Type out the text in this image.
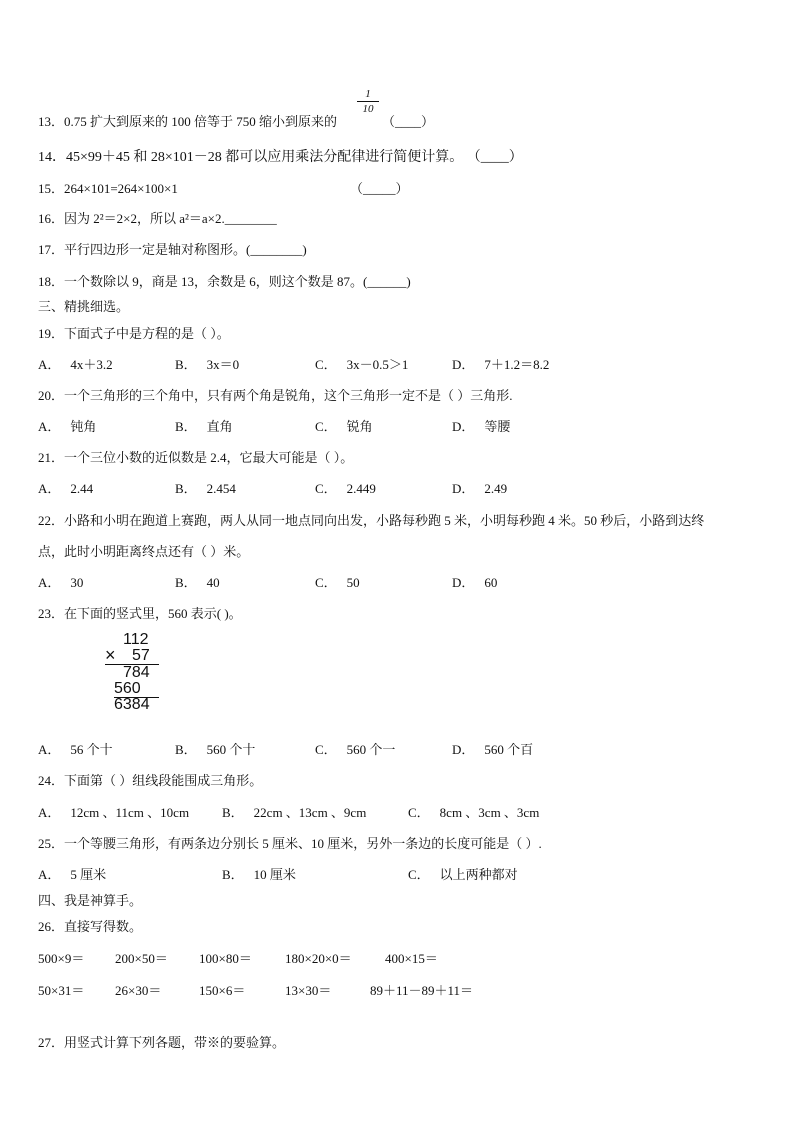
13．0.75 扩大到原来的 100 倍等于 750 缩小到原来的
1
10
（____）
14．45×99＋45 和 28×101－28 都可以应用乘法分配律进行简便计算。 （____）
15．264×101=264×100×1	（_____）
16．因为 2²＝2×2，所以 a²＝a×2.________
17．平行四边形一定是轴对称图形。(________)
18．一个数除以 9，商是 13，余数是 6，则这个数是 87。(______)
三、精挑细选。
19．下面式子中是方程的是（ ）。
A． 4x＋3.2	B． 3x＝0	C． 3x－0.5＞1	D． 7＋1.2＝8.2
20．一个三角形的三个角中，只有两个角是锐角，这个三角形一定不是（ ）三角形.
A． 钝角	B． 直角	C． 锐角	D． 等腰
21．一个三位小数的近似数是 2.4，它最大可能是（ ）。
A． 2.44	B． 2.454	C． 2.449	D． 2.49
22．小路和小明在跑道上赛跑，两人从同一地点同向出发，小路每秒跑 5 米，小明每秒跑 4 米。50 秒后，小路到达终
点，此时小明距离终点还有（ ）米。
A． 30	B． 40	C． 50	D． 60
23．在下面的竖式里，560 表示( )。
112
× 57
784
560
6384
A． 56 个十	B． 560 个十	C． 560 个一	D． 560 个百
24．下面第（ ）组线段能围成三角形。
A． 12cm 、11cm 、10cm	B． 22cm 、13cm 、9cm	C． 8cm 、3cm 、3cm
25．一个等腰三角形，有两条边分别长 5 厘米、10 厘米，另外一条边的长度可能是（ ）.
A． 5 厘米	B． 10 厘米	C． 以上两种都对
四、我是神算手。
26．直接写得数。
500×9＝ 200×50＝ 100×80＝	180×20×0＝	400×15＝
50×31＝ 26×30＝	150×6＝	13×30＝	89＋11－89＋11＝
27．用竖式计算下列各题，带※的要验算。
